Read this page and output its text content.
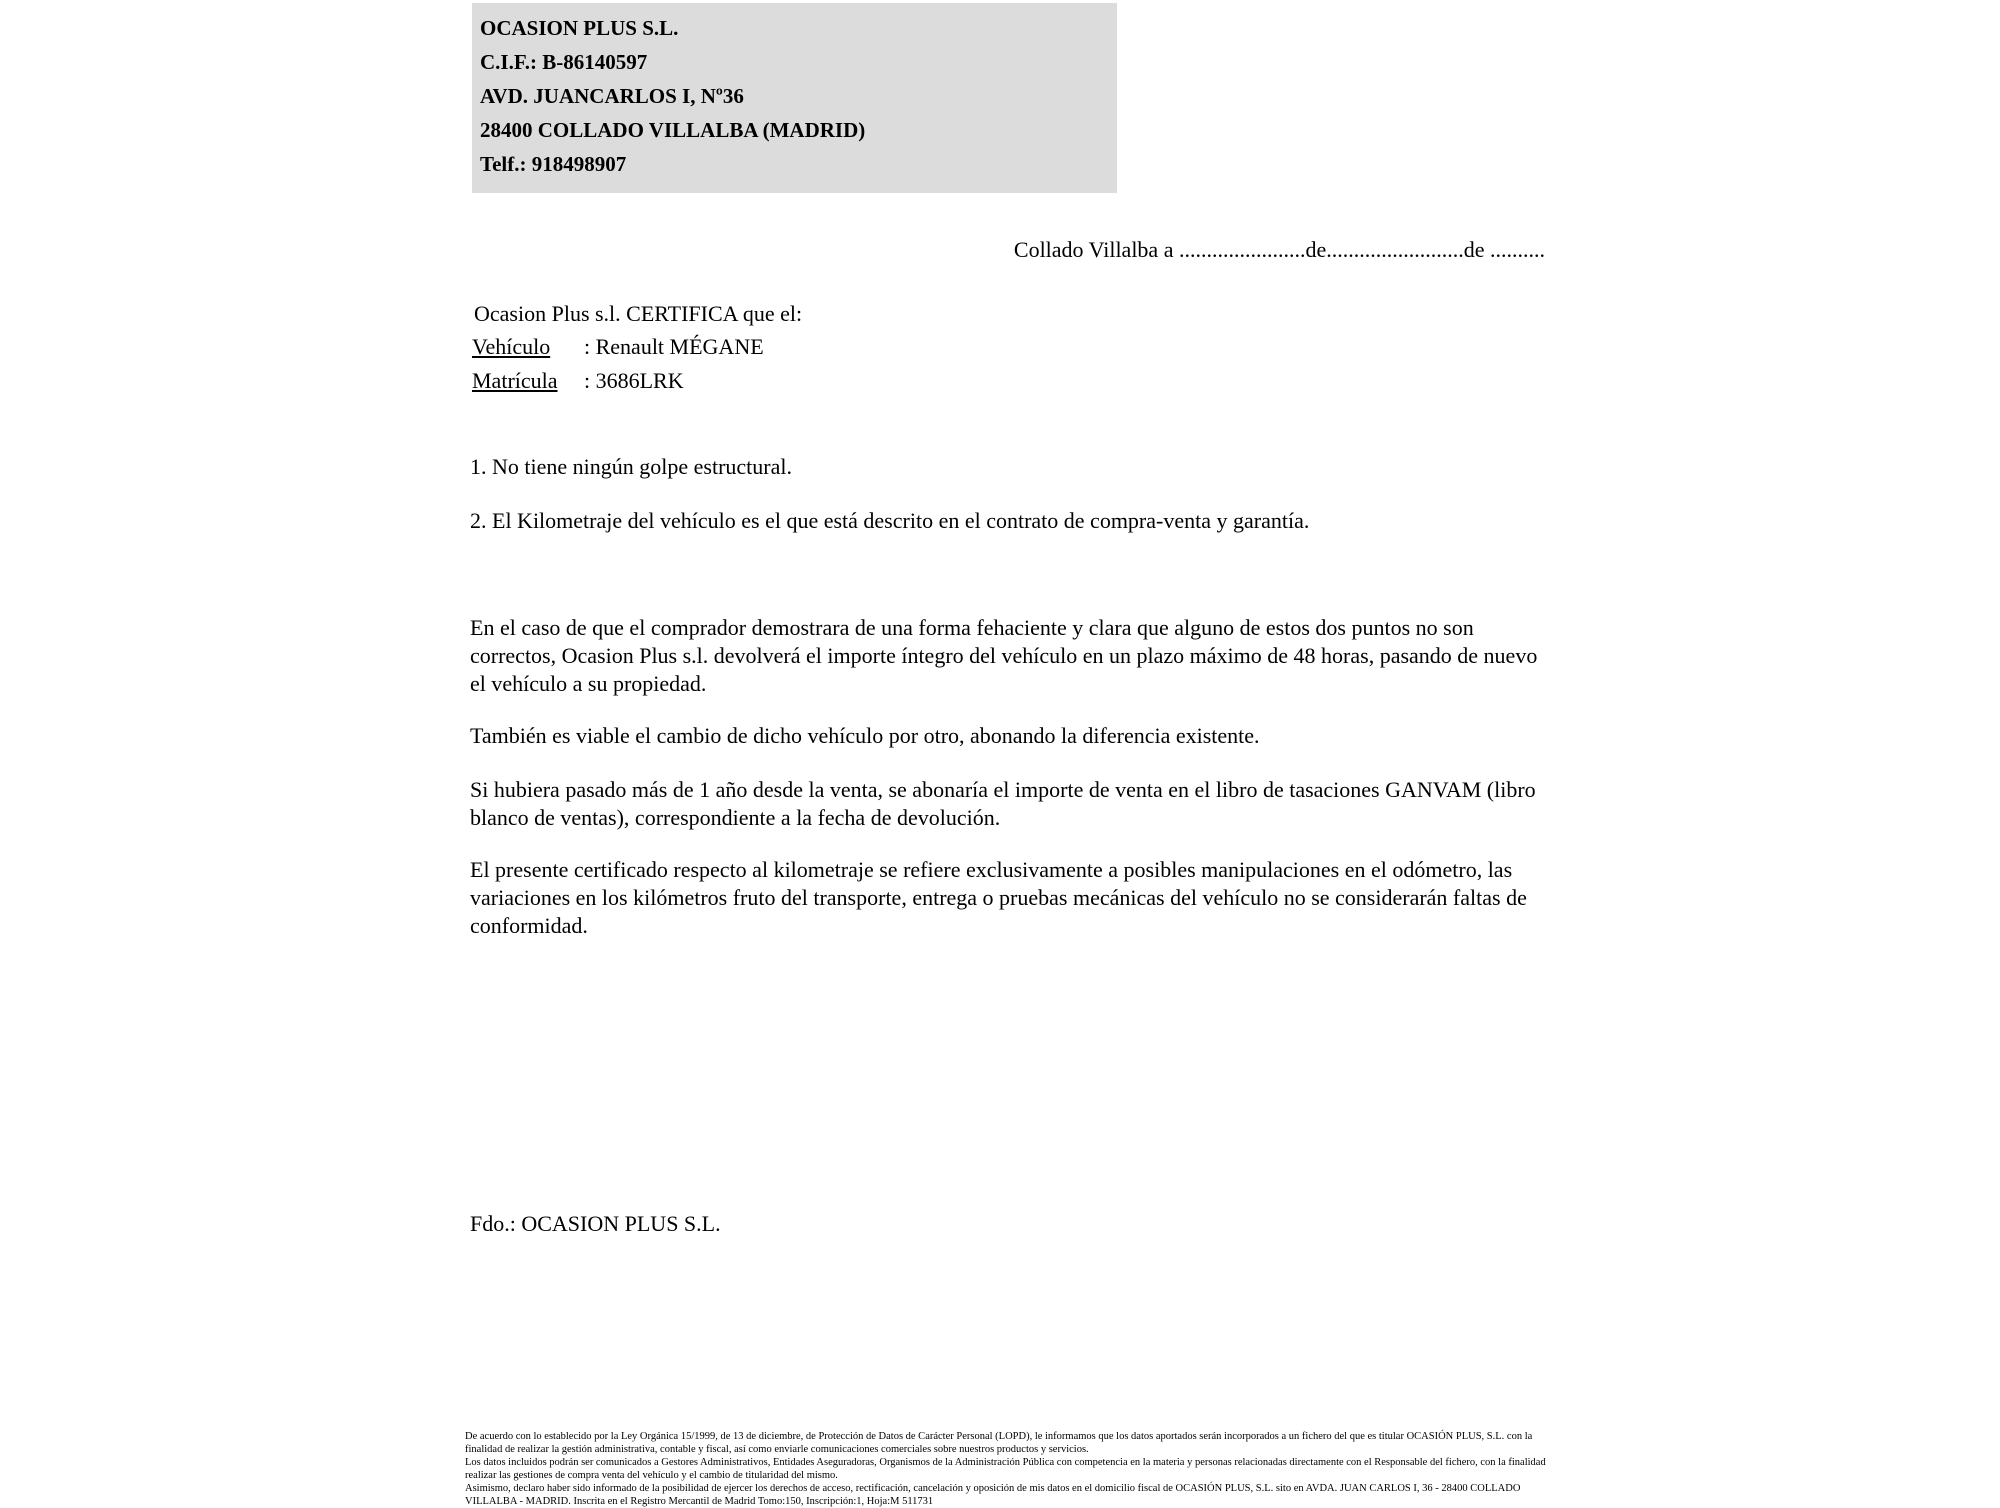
OCASION PLUS S.L.
C.I.F.: B-86140597
AVD. JUANCARLOS I, Nº36
28400 COLLADO VILLALBA (MADRID)
Telf.: 918498907
Collado Villalba a .......................de.........................de ..........
Ocasion Plus s.l. CERTIFICA que el:
Vehículo : Renault MÉGANE
Matrícula : 3686LRK
1. No tiene ningún golpe estructural.
2. El Kilometraje del vehículo es el que está descrito en el contrato de compra-venta y garantía.
En el caso de que el comprador demostrara de una forma fehaciente y clara que alguno de estos dos puntos no son correctos, Ocasion Plus s.l. devolverá el importe íntegro del vehículo en un plazo máximo de 48 horas, pasando de nuevo el vehículo a su propiedad.
También es viable el cambio de dicho vehículo por otro, abonando la diferencia existente.
Si hubiera pasado más de 1 año desde la venta, se abonaría el importe de venta en el libro de tasaciones GANVAM (libro blanco de ventas), correspondiente a la fecha de devolución.
El presente certificado respecto al kilometraje se refiere exclusivamente a posibles manipulaciones en el odómetro, las variaciones en los kilómetros fruto del transporte, entrega o pruebas mecánicas del vehículo no se considerarán faltas de conformidad.
Fdo.: OCASION PLUS S.L.

De acuerdo con lo establecido por la Ley Orgánica 15/1999, de 13 de diciembre, de Protección de Datos de Carácter Personal (LOPD), le informamos que los datos aportados serán incorporados a un fichero del que es titular OCASIÓN PLUS, S.L. con la finalidad de realizar la gestión administrativa, contable y fiscal, así como enviarle comunicaciones comerciales sobre nuestros productos y servicios.

Los datos incluidos podrán ser comunicados a Gestores Administrativos, Entidades Aseguradoras, Organismos de la Administración Pública con competencia en la materia y personas relacionadas directamente con el Responsable del fichero, con la finalidad realizar las gestiones de compra venta del vehículo y el cambio de titularidad del mismo.

Asimismo, declaro haber sido informado de la posibilidad de ejercer los derechos de acceso, rectificación, cancelación y oposición de mis datos en el domicilio fiscal de OCASIÓN PLUS, S.L. sito en AVDA. JUAN CARLOS I, 36 - 28400 COLLADO VILLALBA - MADRID. Inscrita en el Registro Mercantil de Madrid Tomo:150, Inscripción:1, Hoja:M 511731
